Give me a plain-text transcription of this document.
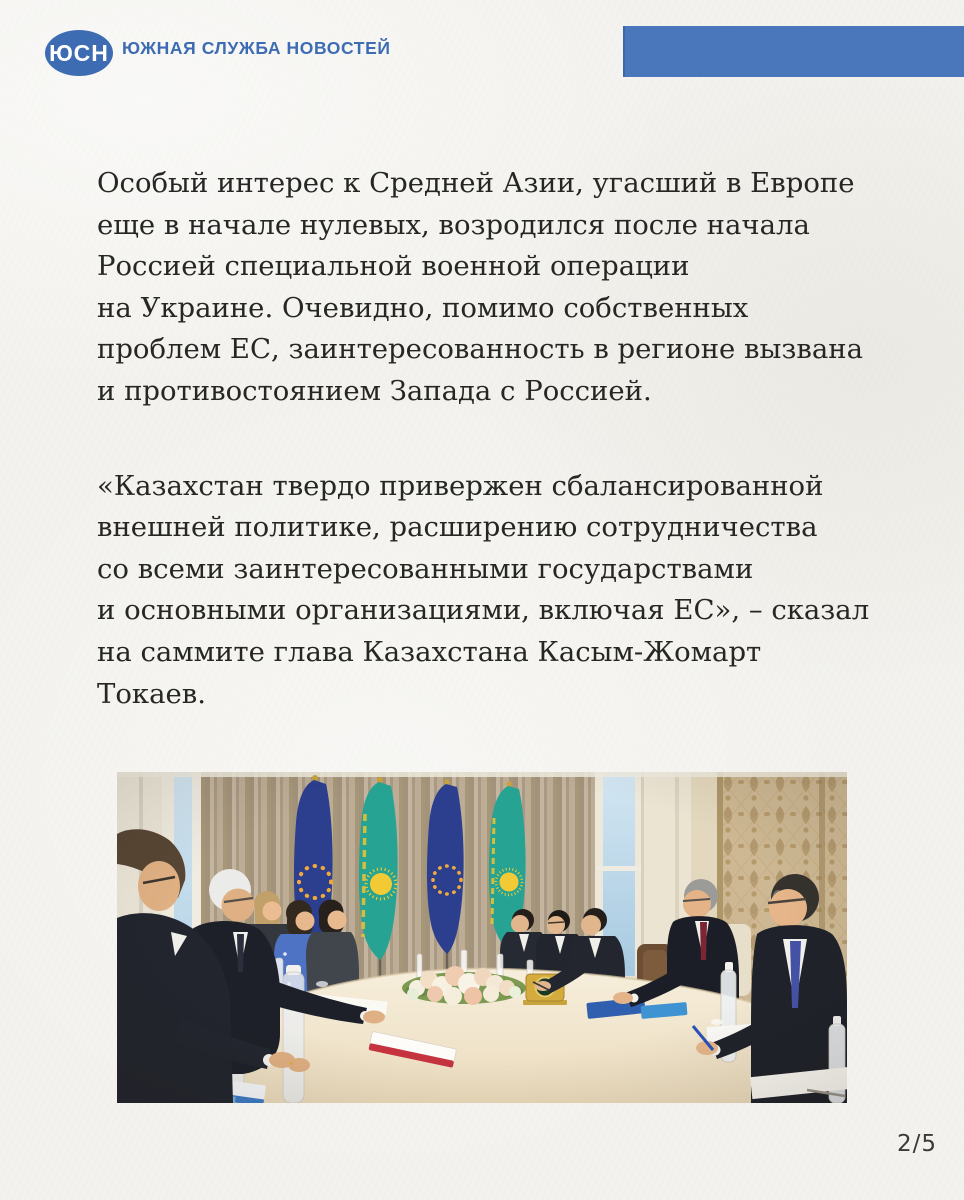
ЮСН ЮЖНАЯ СЛУЖБА НОВОСТЕЙ

Особый интерес к Средней Азии, угасший в Европе
еще в начале нулевых, возродился после начала
Россией специальной военной операции
на Украине. Очевидно, помимо собственных
проблем ЕС, заинтересованность в регионе вызвана
и противостоянием Запада с Россией.

«Казахстан твердо привержен сбалансированной
внешней политике, расширению сотрудничества
со всеми заинтересованными государствами
и основными организациями, включая ЕС», – сказал
на саммите глава Казахстана Касым-Жомарт
Токаев.

2/5
